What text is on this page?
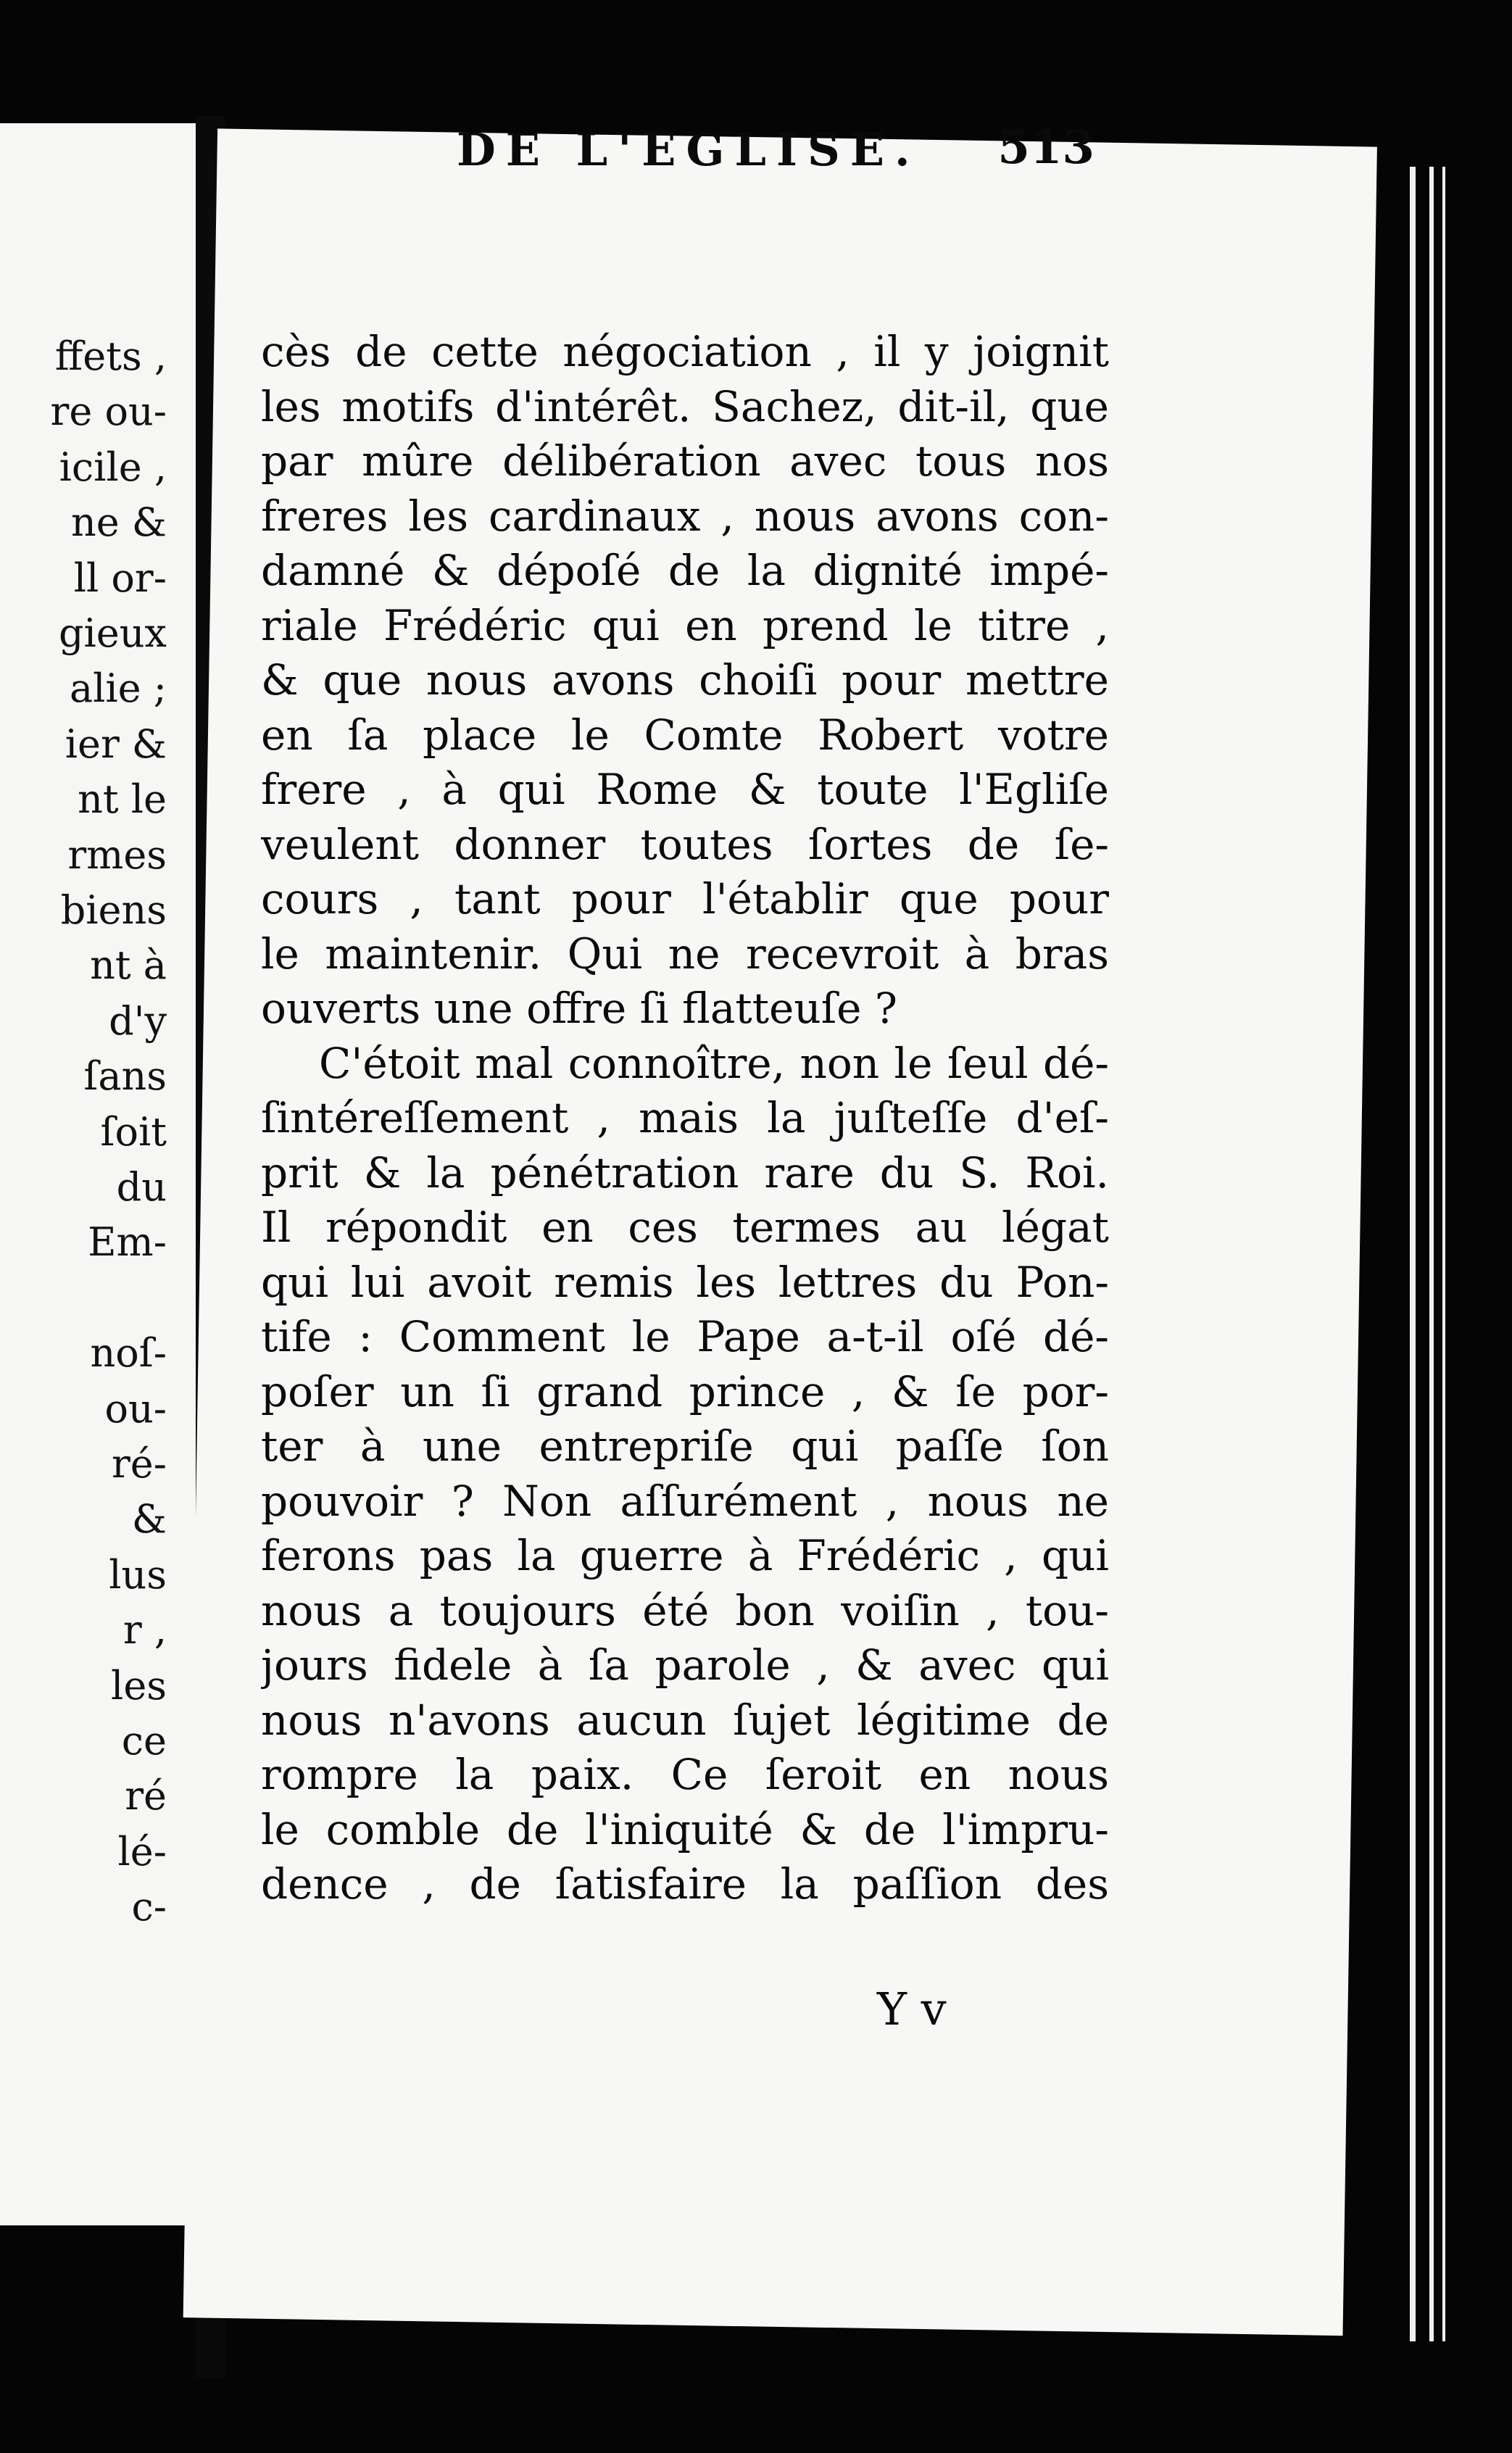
ffets ,
re ou-
icile ,
ne &
ll or-
gieux
alie ;
ier &
nt le
rmes
biens
nt à
d'y
ſans
ſoit
du
Em-
noſ-
ou-
ré-
&
lus
r ,
les
ce
ré
lé-
c-
DE L'EGLISE. 513
cès de cette négociation , il y joignit
les motifs d'intérêt. Sachez, dit-il, que
par mûre délibération avec tous nos
freres les cardinaux , nous avons con-
damné & dépoſé de la dignité impé-
riale Frédéric qui en prend le titre ,
& que nous avons choiſi pour mettre
en ſa place le Comte Robert votre
frere , à qui Rome & toute l'Egliſe
veulent donner toutes ſortes de ſe-
cours , tant pour l'établir que pour
le maintenir. Qui ne recevroit à bras
ouverts une offre ſi flatteuſe ?
C'étoit mal connoître, non le ſeul dé-
ſintéreſſement , mais la juſteſſe d'eſ-
prit & la pénétration rare du S. Roi.
Il répondit en ces termes au légat
qui lui avoit remis les lettres du Pon-
tife : Comment le Pape a-t-il oſé dé-
poſer un ſi grand prince , & ſe por-
ter à une entrepriſe qui paſſe ſon
pouvoir ? Non aſſurément , nous ne
ferons pas la guerre à Frédéric , qui
nous a toujours été bon voiſin , tou-
jours fidele à ſa parole , & avec qui
nous n'avons aucun ſujet légitime de
rompre la paix. Ce ſeroit en nous
le comble de l'iniquité & de l'impru-
dence , de ſatisfaire la paſſion des
Y v
